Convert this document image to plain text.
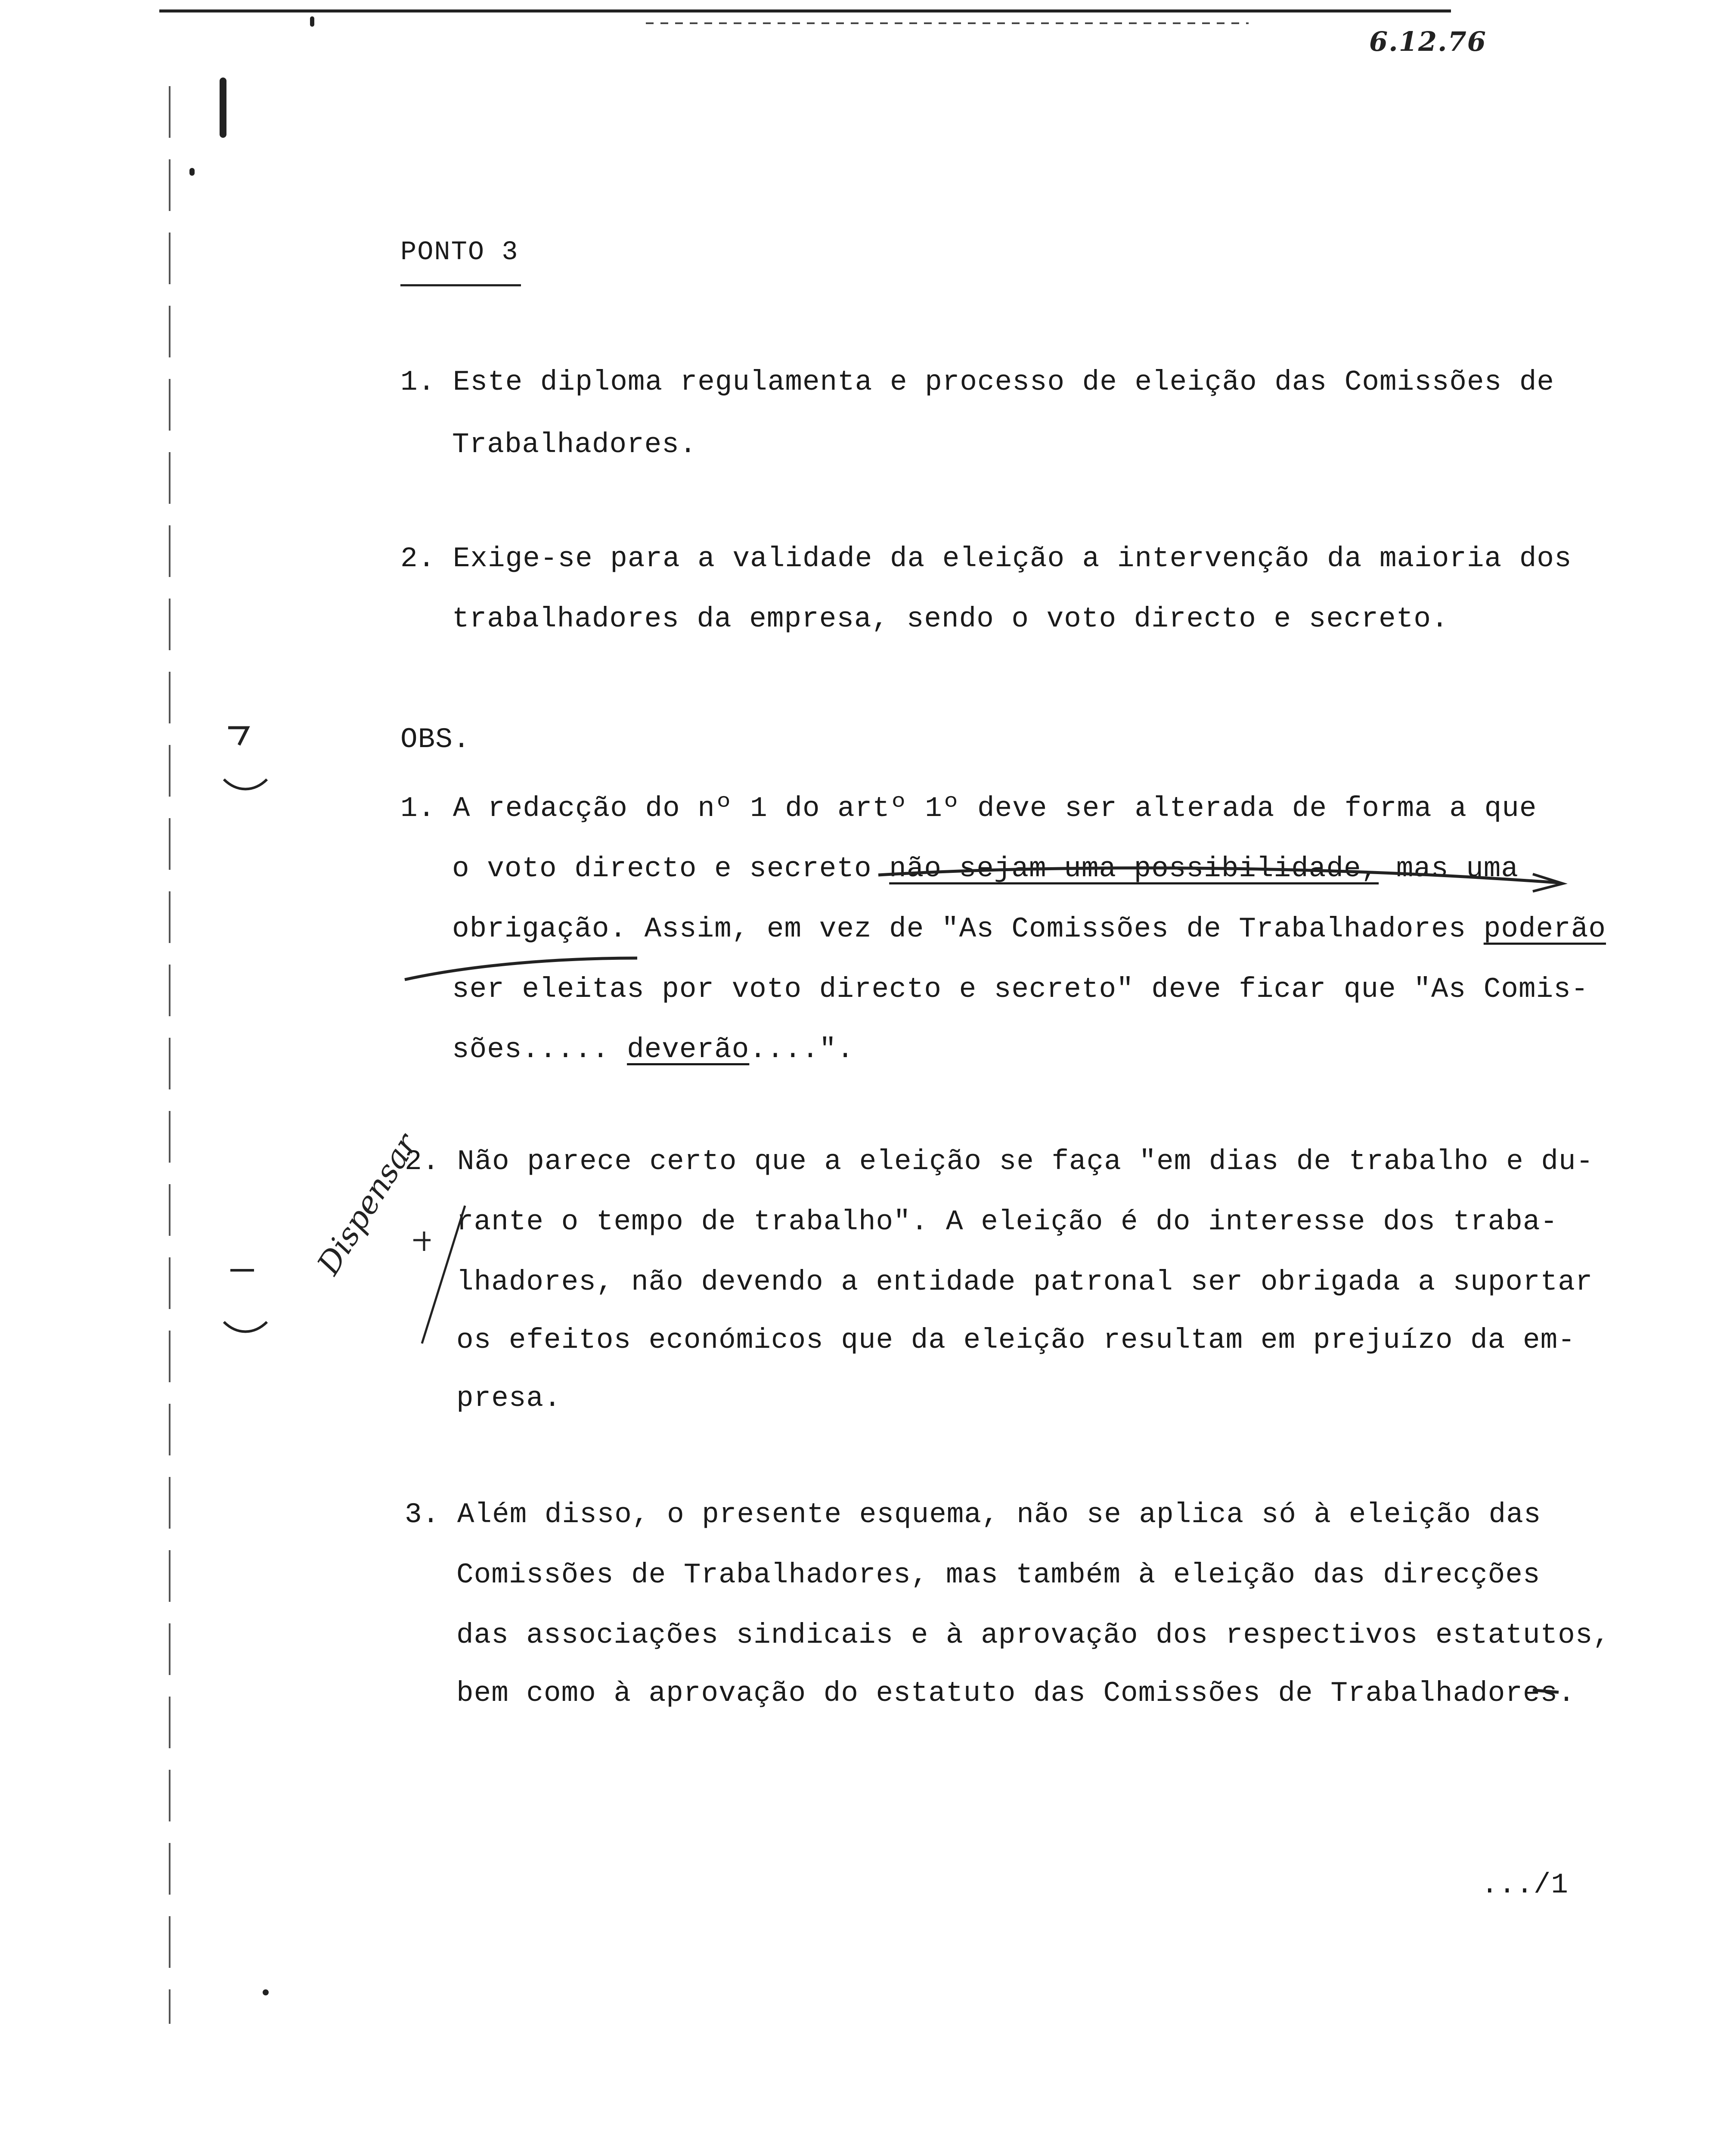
6.12.76
PONTO 3
1. Este diploma regulamenta e processo de eleição das Comissões de
Trabalhadores.
2. Exige-se para a validade da eleição a intervenção da maioria dos
trabalhadores da empresa, sendo o voto directo e secreto.
OBS.
1. A redacção do nº 1 do artº 1º deve ser alterada de forma a que
o voto directo e secreto não sejam uma possibilidade, mas uma
obrigação. Assim, em vez de "As Comissões de Trabalhadores poderão
ser eleitas por voto directo e secreto" deve ficar que "As Comis-
sões..... deverão....".
2. Não parece certo que a eleição se faça "em dias de trabalho e du-
rante o tempo de trabalho". A eleição é do interesse dos traba-
lhadores, não devendo a entidade patronal ser obrigada a suportar
os efeitos económicos que da eleição resultam em prejuízo da em-
presa.
Dispensar
3. Além disso, o presente esquema, não se aplica só à eleição das
Comissões de Trabalhadores, mas também à eleição das direcções
das associações sindicais e à aprovação dos respectivos estatutos,
bem como à aprovação do estatuto das Comissões de Trabalhadores.
.../1
